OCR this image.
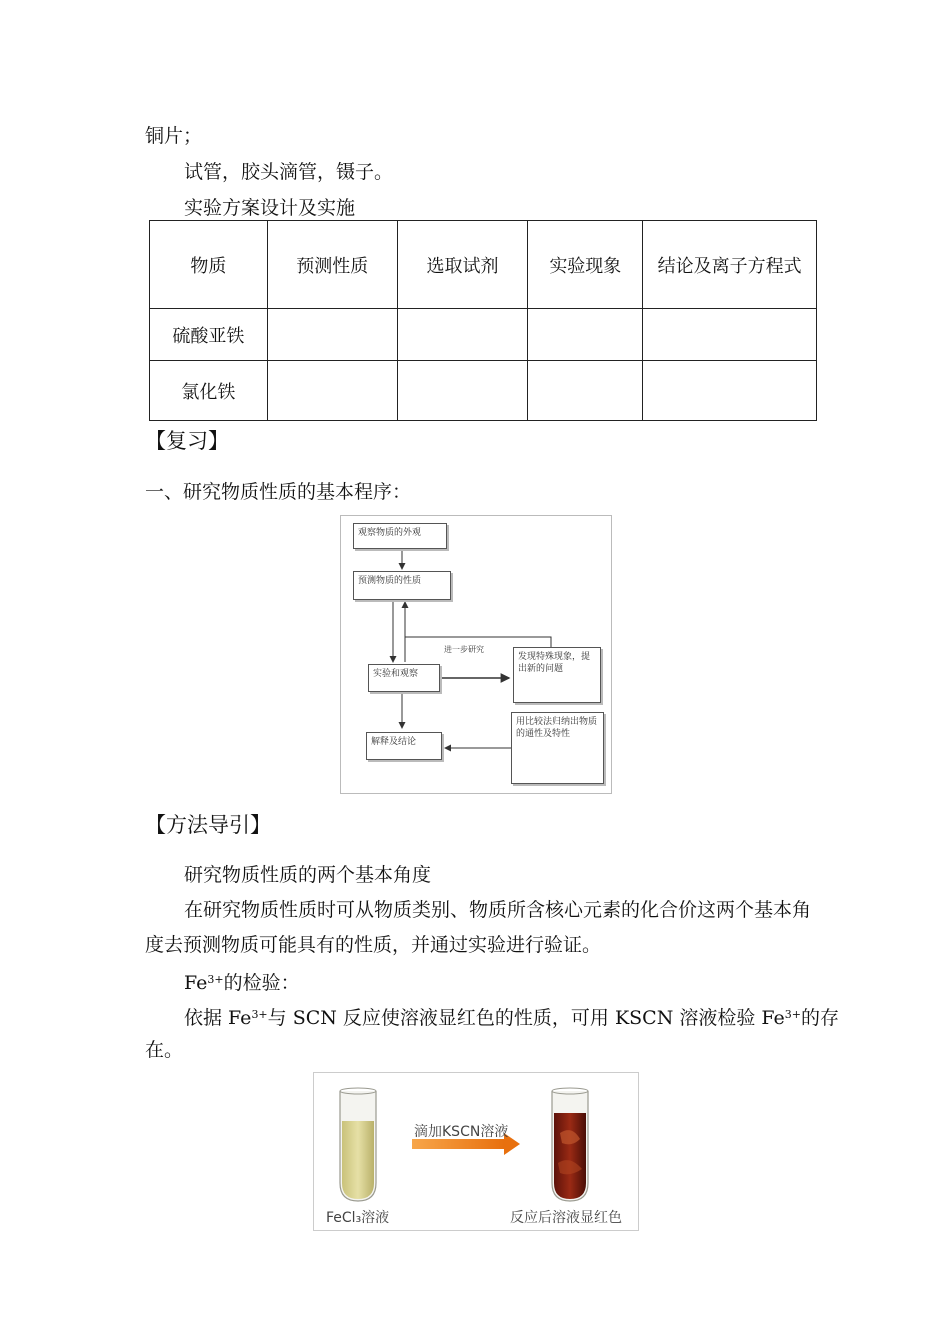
铜片；
试管，胶头滴管，镊子。
实验方案设计及实施
物质	预测性质	选取试剂	实验现象	结论及离子方程式
硫酸亚铁				
氯化铁				
【复习】
一、研究物质性质的基本程序：
观察物质的外观
预测物质的性质
进一步研究
实验和观察
发现特殊现象，提出新的问题
用比较法归纳出物质的通性及特性
解释及结论
【方法导引】
研究物质性质的两个基本角度
在研究物质性质时可从物质类别、物质所含核心元素的化合价这两个基本角
度去预测物质可能具有的性质，并通过实验进行验证。
$Fe^{3+}$的检验：
依据 $Fe^{3+}$与 SCN 反应使溶液显红色的性质，可用 KSCN 溶液检验 $Fe^{3+}$的存
在。
滴加KSCN溶液
FeCl₃溶液	反应后溶液显红色
